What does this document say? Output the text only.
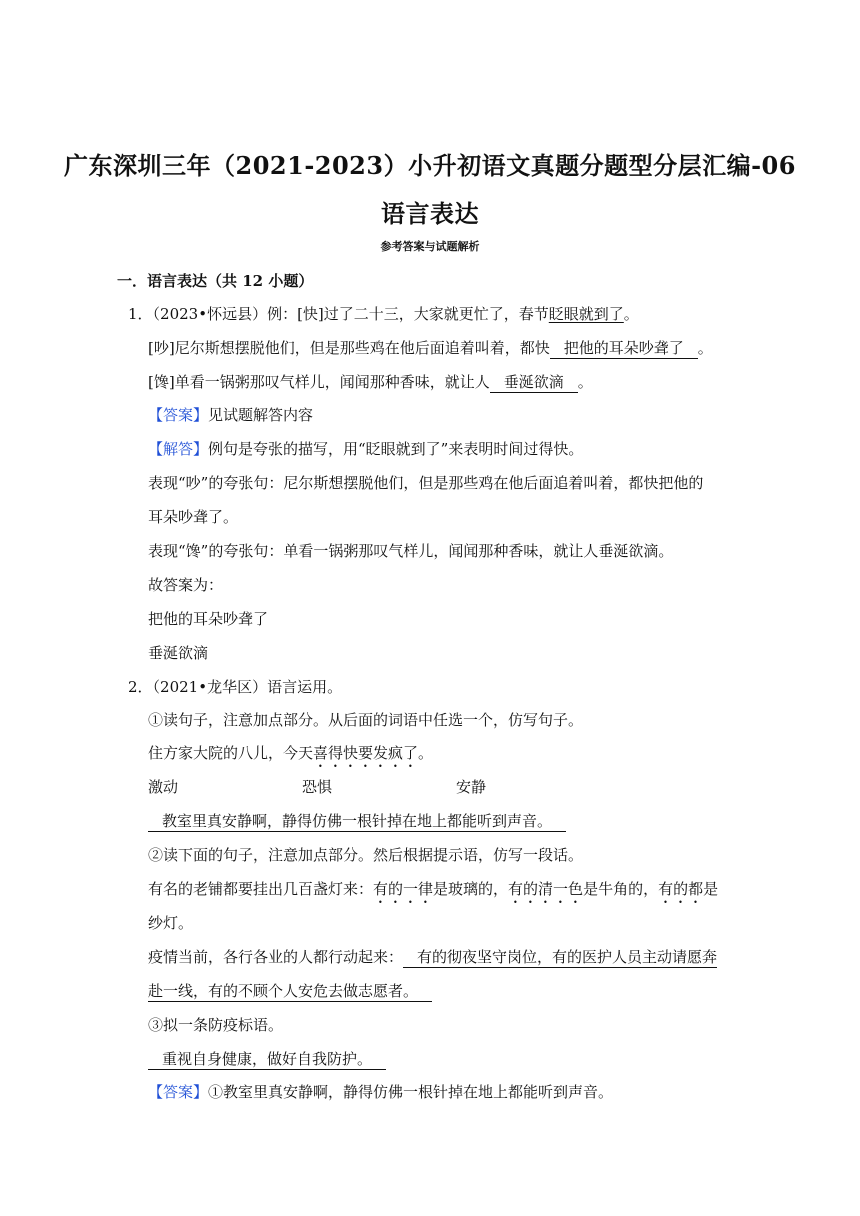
广东深圳三年（2021-2023）小升初语文真题分题型分层汇编-06
语言表达
参考答案与试题解析
一．语言表达（共 12 小题）
1．（2023•怀远县）例：[快]过了二十三，大家就更忙了，春节眨眼就到了。
[吵]尼尔斯想摆脱他们，但是那些鸡在他后面追着叫着，都快 把他的耳朵吵聋了 。
[馋]单看一锅粥那叹气样儿，闻闻那种香味，就让人 垂涎欲滴 。
【答案】见试题解答内容
【解答】例句是夸张的描写，用“眨眼就到了”来表明时间过得快。
表现“吵”的夸张句：尼尔斯想摆脱他们，但是那些鸡在他后面追着叫着，都快把他的
耳朵吵聋了。
表现“馋”的夸张句：单看一锅粥那叹气样儿，闻闻那种香味，就让人垂涎欲滴。
故答案为：
把他的耳朵吵聋了
垂涎欲滴
2．（2021•龙华区）语言运用。
①读句子，注意加点部分。从后面的词语中任选一个，仿写句子。
住方家大院的八儿，今天喜得快要发疯了。
激动	恐惧	安静
教室里真安静啊，静得仿佛一根针掉在地上都能听到声音。
②读下面的句子，注意加点部分。然后根据提示语，仿写一段话。
有名的老铺都要挂出几百盏灯来：有的一律是玻璃的，有的清一色是牛角的，有的都是
纱灯。
疫情当前，各行各业的人都行动起来： 有的彻夜坚守岗位，有的医护人员主动请愿奔
赴一线，有的不顾个人安危去做志愿者。
③拟一条防疫标语。
重视自身健康，做好自我防护。
【答案】①教室里真安静啊，静得仿佛一根针掉在地上都能听到声音。
